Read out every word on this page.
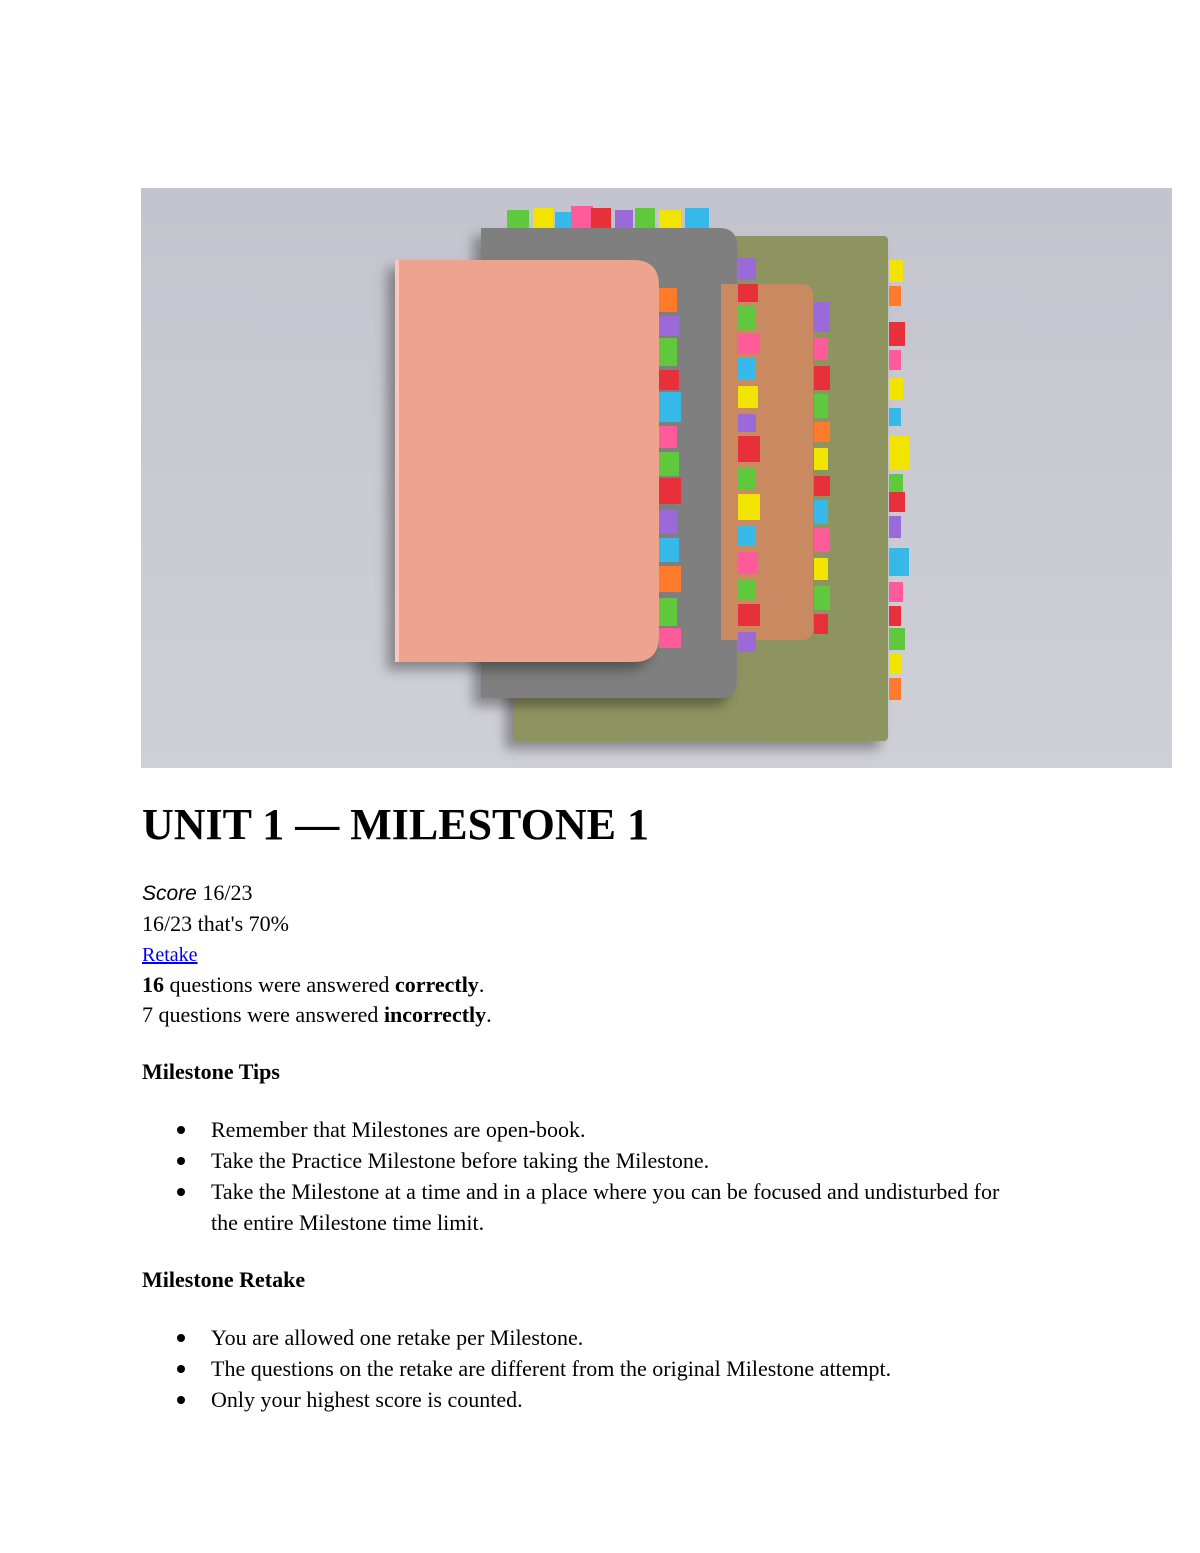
UNIT 1 — MILESTONE 1

Score 16/23

16/23 that's 70%

Retake

16 questions were answered correctly.

7 questions were answered incorrectly.

Milestone Tips
Remember that Milestones are open-book.
Take the Practice Milestone before taking the Milestone.
Take the Milestone at a time and in a place where you can be focused and undisturbed for the entire Milestone time limit.
Milestone Retake
You are allowed one retake per Milestone.
The questions on the retake are different from the original Milestone attempt.
Only your highest score is counted.
